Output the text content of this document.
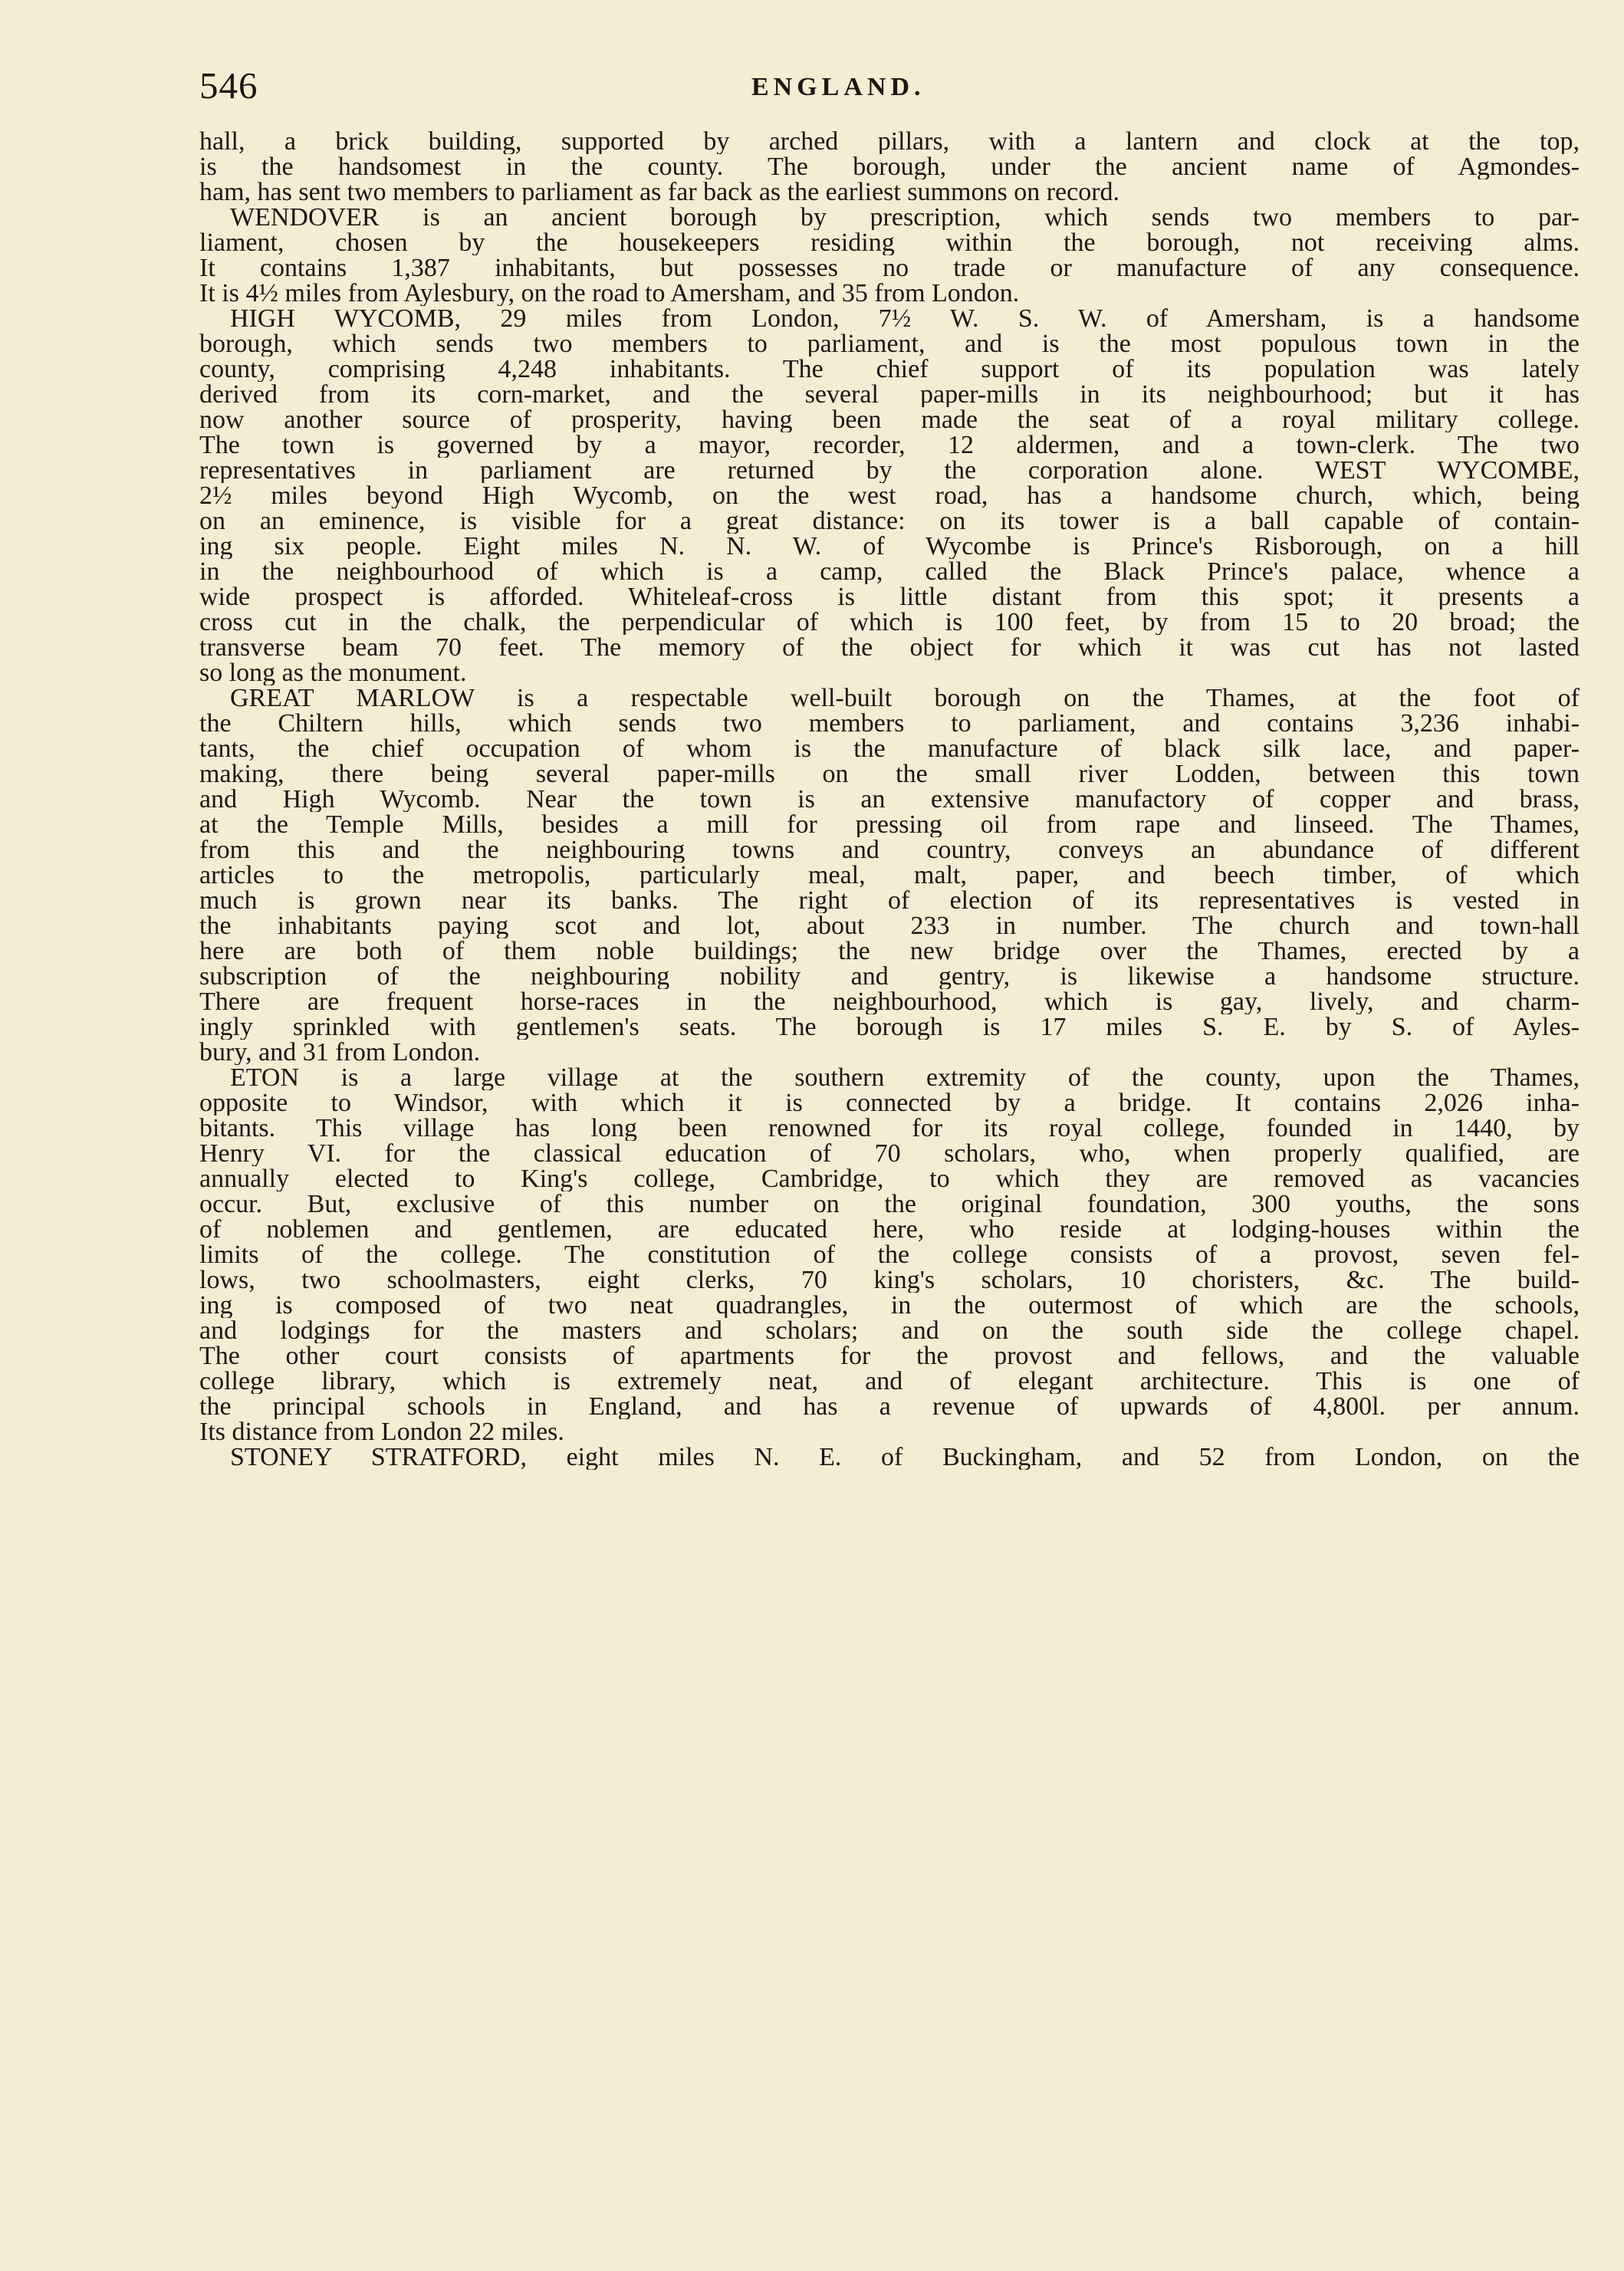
546	ENGLAND.
hall, a brick building, supported by arched pillars, with a lantern and clock at the top,
is the handsomest in the county. The borough, under the ancient name of Agmondes-
ham, has sent two members to parliament as far back as the earliest summons on record.
WENDOVER is an ancient borough by prescription, which sends two members to par-
liament, chosen by the housekeepers residing within the borough, not receiving alms.
It contains 1,387 inhabitants, but possesses no trade or manufacture of any consequence.
It is 4½ miles from Aylesbury, on the road to Amersham, and 35 from London.
HIGH WYCOMB, 29 miles from London, 7½ W. S. W. of Amersham, is a handsome
borough, which sends two members to parliament, and is the most populous town in the
county, comprising 4,248 inhabitants. The chief support of its population was lately
derived from its corn-market, and the several paper-mills in its neighbourhood; but it has
now another source of prosperity, having been made the seat of a royal military college.
The town is governed by a mayor, recorder, 12 aldermen, and a town-clerk. The two
representatives in parliament are returned by the corporation alone. WEST WYCOMBE,
2½ miles beyond High Wycomb, on the west road, has a handsome church, which, being
on an eminence, is visible for a great distance: on its tower is a ball capable of contain-
ing six people. Eight miles N. N. W. of Wycombe is Prince's Risborough, on a hill
in the neighbourhood of which is a camp, called the Black Prince's palace, whence a
wide prospect is afforded. Whiteleaf-cross is little distant from this spot; it presents a
cross cut in the chalk, the perpendicular of which is 100 feet, by from 15 to 20 broad; the
transverse beam 70 feet. The memory of the object for which it was cut has not lasted
so long as the monument.
GREAT MARLOW is a respectable well-built borough on the Thames, at the foot of
the Chiltern hills, which sends two members to parliament, and contains 3,236 inhabi-
tants, the chief occupation of whom is the manufacture of black silk lace, and paper-
making, there being several paper-mills on the small river Lodden, between this town
and High Wycomb. Near the town is an extensive manufactory of copper and brass,
at the Temple Mills, besides a mill for pressing oil from rape and linseed. The Thames,
from this and the neighbouring towns and country, conveys an abundance of different
articles to the metropolis, particularly meal, malt, paper, and beech timber, of which
much is grown near its banks. The right of election of its representatives is vested in
the inhabitants paying scot and lot, about 233 in number. The church and town-hall
here are both of them noble buildings; the new bridge over the Thames, erected by a
subscription of the neighbouring nobility and gentry, is likewise a handsome structure.
There are frequent horse-races in the neighbourhood, which is gay, lively, and charm-
ingly sprinkled with gentlemen's seats. The borough is 17 miles S. E. by S. of Ayles-
bury, and 31 from London.
ETON is a large village at the southern extremity of the county, upon the Thames,
opposite to Windsor, with which it is connected by a bridge. It contains 2,026 inha-
bitants. This village has long been renowned for its royal college, founded in 1440, by
Henry VI. for the classical education of 70 scholars, who, when properly qualified, are
annually elected to King's college, Cambridge, to which they are removed as vacancies
occur. But, exclusive of this number on the original foundation, 300 youths, the sons
of noblemen and gentlemen, are educated here, who reside at lodging-houses within the
limits of the college. The constitution of the college consists of a provost, seven fel-
lows, two schoolmasters, eight clerks, 70 king's scholars, 10 choristers, &c. The build-
ing is composed of two neat quadrangles, in the outermost of which are the schools,
and lodgings for the masters and scholars; and on the south side the college chapel.
The other court consists of apartments for the provost and fellows, and the valuable
college library, which is extremely neat, and of elegant architecture. This is one of
the principal schools in England, and has a revenue of upwards of 4,800l. per annum.
Its distance from London 22 miles.
STONEY STRATFORD, eight miles N. E. of Buckingham, and 52 from London, on the
